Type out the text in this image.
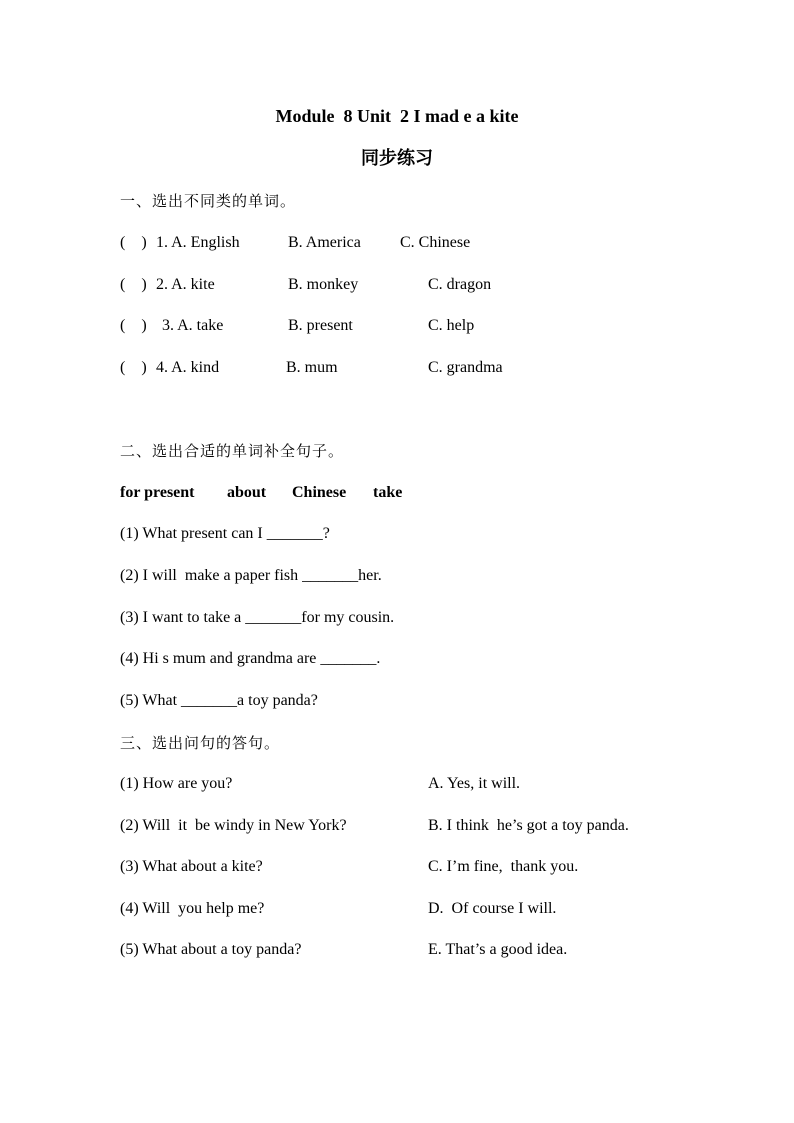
Module  8 Unit  2 I mad e a kite
同步练习
一、选出不同类的单词。
(    ) 1. A. English	B. America C. Chinese
(    ) 2. A. kite	B. monkey	C. dragon
(    ) 3. A. take	B. present	C. help
(    ) 4. A. kind	B. mum	C. grandma
二、选出合适的单词补全句子。
for present about Chinese take
(1) What present can I _______?
(2) I will  make a paper fish _______her.
(3) I want to take a _______for my cousin.
(4) Hi s mum and grandma are _______.
(5) What _______a toy panda?
三、选出问句的答句。
(1) How are you?	A. Yes, it will.
(2) Will  it  be windy in New York?	B. I think  he’s got a toy panda.
(3) What about a kite?	C. I’m fine,  thank you.
(4) Will  you help me?	D.  Of course I will.
(5) What about a toy panda?	E. That’s a good idea.
